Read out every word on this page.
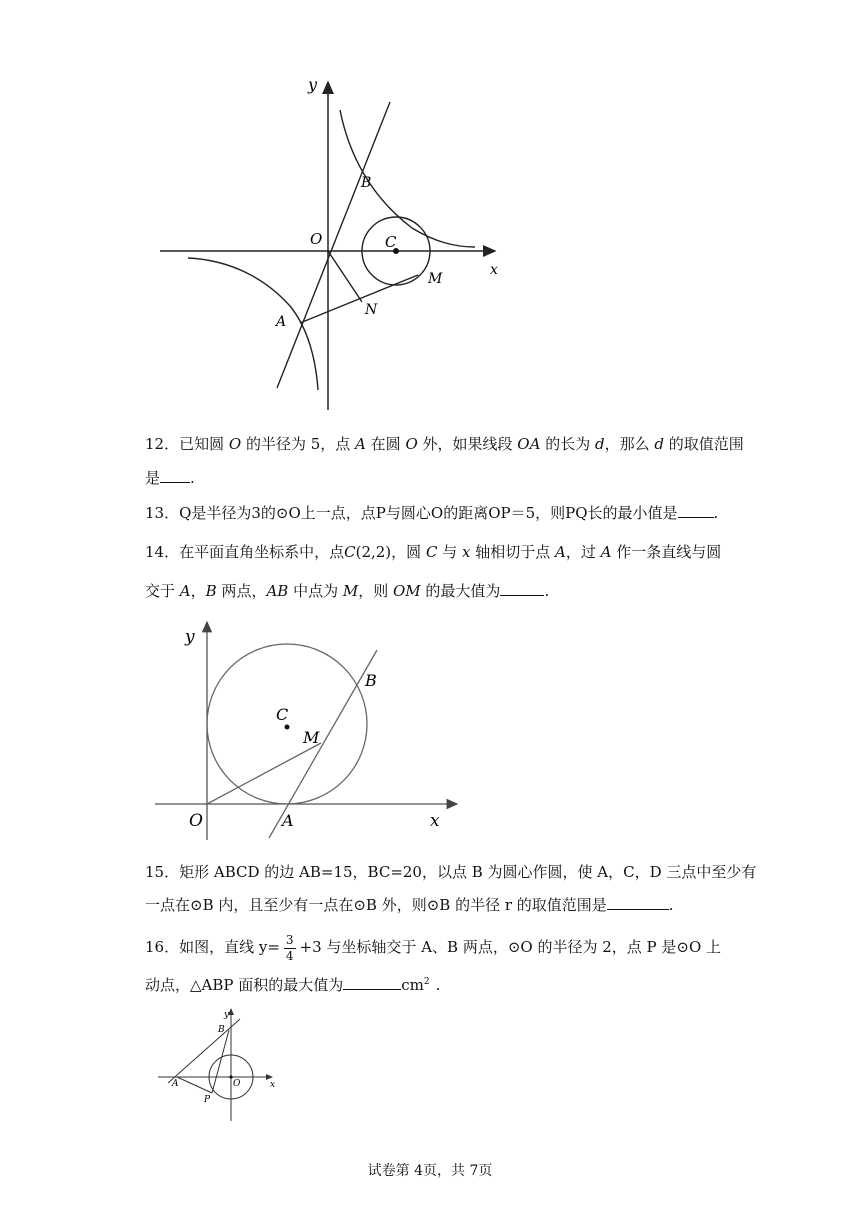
y
x
O
B
C
M
A
N
12．已知圆 O 的半径为 5，点 A 在圆 O 外，如果线段 OA 的长为 d，那么 d 的取值范围
是 .
13．Q是半径为3的⊙O上一点，点P与圆心O的距离OP＝5，则PQ长的最小值是 .
14．在平面直角坐标系中，点C(2,2)，圆 C 与 x 轴相切于点 A，过 A 作一条直线与圆
交于 A，B 两点，AB 中点为 M，则 OM 的最大值为	.
y
B
C
M
O	A	x
15．矩形 ABCD 的边 AB=15，BC=20，以点 B 为圆心作圆，使 A，C，D 三点中至少有
一点在⊙B 内，且至少有一点在⊙B 外，则⊙B 的半径 r 的取值范围是	.
16．如图，直线 $y= \frac{3}{4} +3$ 与坐标轴交于 A、B 两点，⊙O 的半径为 2，点 P 是⊙O 上
动点，△ABP 面积的最大值为	$cm^2$ .
y
B
A	O	x
P
试卷第 4页，共 7页
